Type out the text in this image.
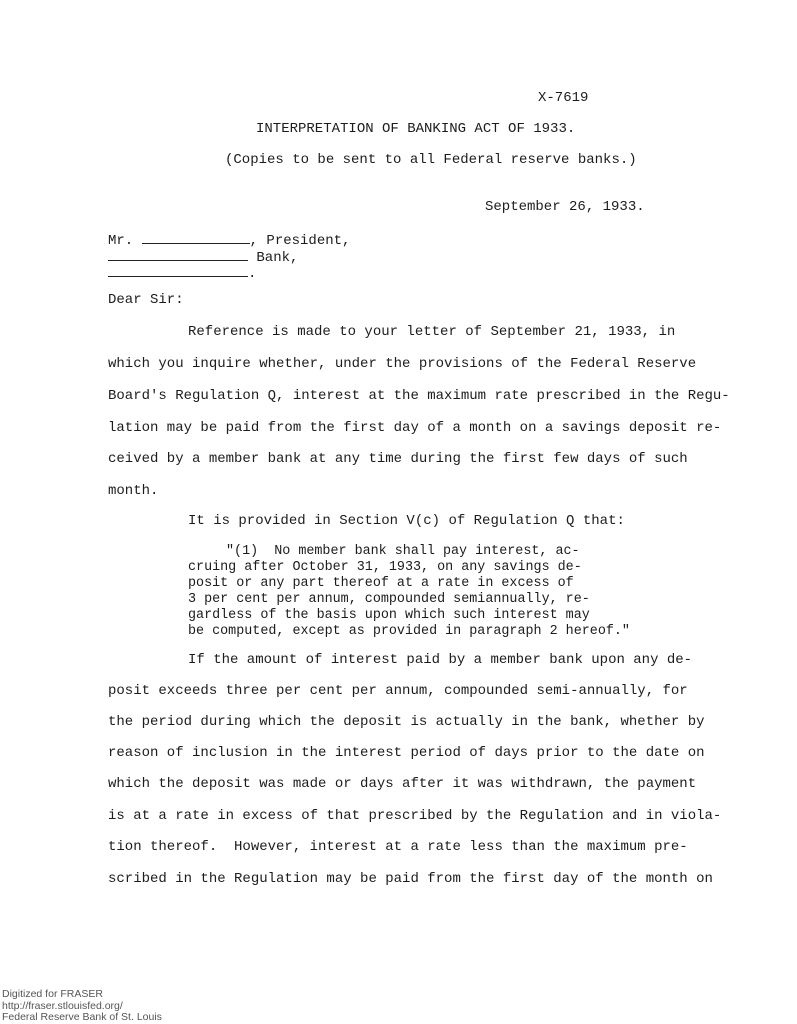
X-7619
INTERPRETATION OF BANKING ACT OF 1933.
(Copies to be sent to all Federal reserve banks.)
September 26, 1933.
Mr.	, President,
Bank,
.
Dear Sir:
Reference is made to your letter of September 21, 1933, in
which you inquire whether, under the provisions of the Federal Reserve
Board's Regulation Q, interest at the maximum rate prescribed in the Regu-
lation may be paid from the first day of a month on a savings deposit re-
ceived by a member bank at any time during the first few days of such
month.
It is provided in Section V(c) of Regulation Q that:
"(1)  No member bank shall pay interest, ac-
cruing after October 31, 1933, on any savings de-
posit or any part thereof at a rate in excess of
3 per cent per annum, compounded semiannually, re-
gardless of the basis upon which such interest may
be computed, except as provided in paragraph 2 hereof."
If the amount of interest paid by a member bank upon any de-
posit exceeds three per cent per annum, compounded semi-annually, for
the period during which the deposit is actually in the bank, whether by
reason of inclusion in the interest period of days prior to the date on
which the deposit was made or days after it was withdrawn, the payment
is at a rate in excess of that prescribed by the Regulation and in viola-
tion thereof.  However, interest at a rate less than the maximum pre-
scribed in the Regulation may be paid from the first day of the month on
Digitized for FRASER
http://fraser.stlouisfed.org/
Federal Reserve Bank of St. Louis
